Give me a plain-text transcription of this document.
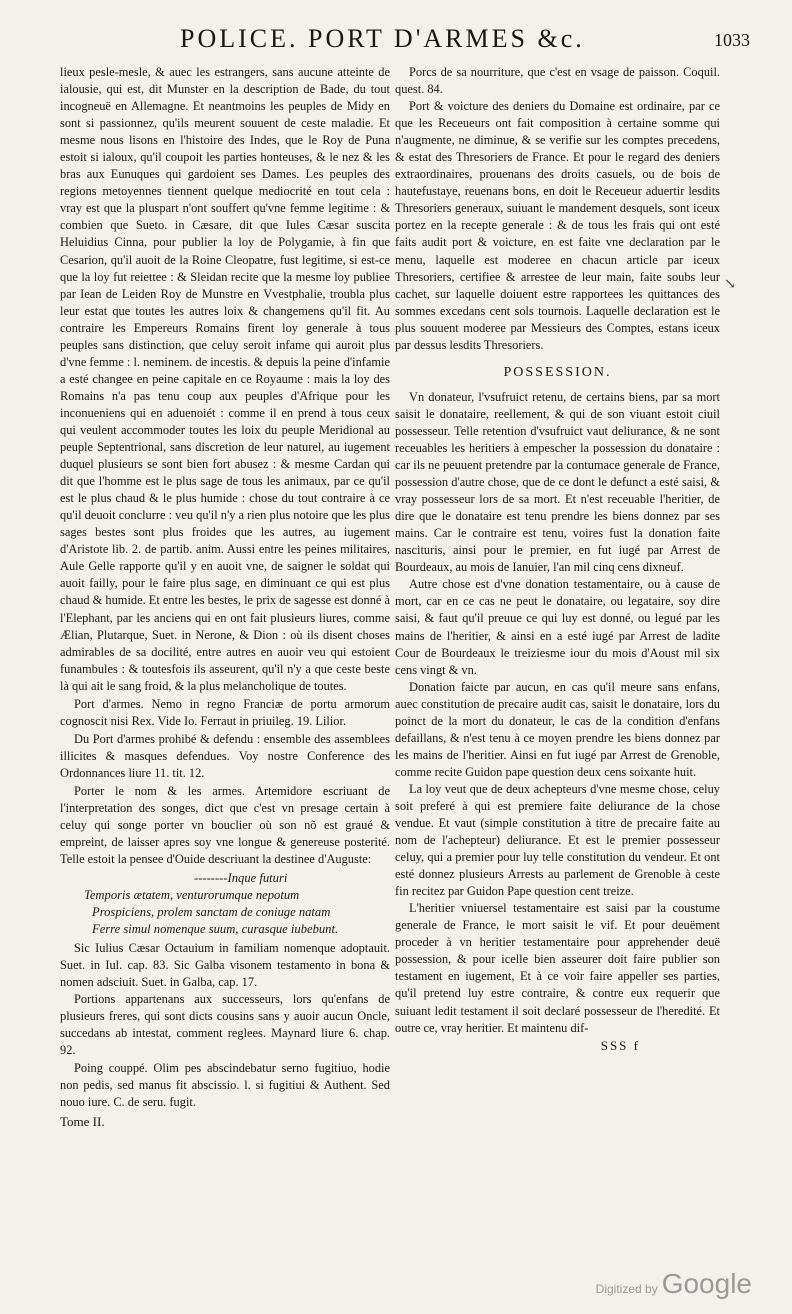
POLICE. PORT D'ARMES &c.	1033

lieux pesle-mesle, & auec les estrangers, sans aucune atteinte de ialousie, qui est, dit Munster en la description de Bade, du tout incogneuë en Allemagne. Et neantmoins les peuples de Midy en sont si passionnez, qu'ils meurent souuent de ceste maladie. Et mesme nous lisons en l'histoire des Indes, que le Roy de Puna estoit si ialoux, qu'il coupoit les parties honteuses, & le nez & les bras aux Eunuques qui gardoient ses Dames. Les peuples des regions metoyennes tiennent quelque mediocrité en tout cela : vray est que la pluspart n'ont souffert qu'vne femme legitime : & combien que Sueto. in Cæsare, dit que Iules Cæsar suscita Heluidius Cinna, pour publier la loy de Polygamie, à fin que Cesarion, qu'il auoit de la Roine Cleopatre, fust legitime, si est-ce que la loy fut reiettee : & Sleidan recite que la mesme loy publiee par Iean de Leiden Roy de Munstre en Vvestphalie, troubla plus leur estat que toutes les autres loix & changemens qu'il fit. Au contraire les Empereurs Romains firent loy generale à tous peuples sans distinction, que celuy seroit infame qui auroit plus d'vne femme : l. neminem. de incestis. & depuis la peine d'infamie a esté changee en peine capitale en ce Royaume : mais la loy des Romains n'a pas tenu coup aux peuples d'Afrique pour les inconueniens qui en aduenoiét : comme il en prend à tous ceux qui veulent accommoder toutes les loix du peuple Meridional au peuple Septentrional, sans discretion de leur naturel, au iugement duquel plusieurs se sont bien fort abusez : & mesme Cardan qui dit que l'homme est le plus sage de tous les animaux, par ce qu'il est le plus chaud & le plus humide : chose du tout contraire à ce qu'il deuoit conclurre : veu qu'il n'y a rien plus notoire que les plus sages bestes sont plus froides que les autres, au iugement d'Aristote lib. 2. de partib. anim. Aussi entre les peines militaires, Aule Gelle rapporte qu'il y en auoit vne, de saigner le soldat qui auoit failly, pour le faire plus sage, en diminuant ce qui est plus chaud & humide. Et entre les bestes, le prix de sagesse est donné à l'Elephant, par les anciens qui en ont fait plusieurs liures, comme Ælian, Plutarque, Suet. in Nerone, & Dion : où ils disent choses admirables de sa docilité, entre autres en auoir veu qui estoient funambules : & toutesfois ils asseurent, qu'il n'y a que ceste beste là qui ait le sang froid, & la plus melancholique de toutes.

Port d'armes. Nemo in regno Franciæ de portu armorum cognoscit nisi Rex. Vide Io. Ferraut in priuileg. 19. Lilior.

Du Port d'armes prohibé & defendu : ensemble des assemblees illicites & masques defendues. Voy nostre Conference des Ordonnances liure 11. tit. 12.

Porter le nom & les armes. Artemidore escriuant de l'interpretation des songes, dict que c'est vn presage certain à celuy qui songe porter vn bouclier où son nõ est graué & empreint, de laisser apres soy vne longue & genereuse posterité. Telle estoit la pensee d'Ouide descriuant la destinee d'Auguste:

--------Inque futuri
Temporis ætatem, venturorumque nepotum
Prospiciens, prolem sanctam de coniuge natam
Ferre simul nomenque suum, curasque iubebunt.

Sic Iulius Cæsar Octauium in familiam nomenque adoptauit. Suet. in Iul. cap. 83. Sic Galba visonem testamento in bona & nomen adsciuit. Suet. in Galba, cap. 17.

Portions appartenans aux successeurs, lors qu'enfans de plusieurs freres, qui sont dicts cousins sans y auoir aucun Oncle, succedans ab intestat, comment reglees. Maynard liure 6. chap. 92.

Poing couppé. Olim pes abscindebatur serno fugitiuo, hodie non pedis, sed manus fit abscissio. l. si fugitiui & Authent. Sed nouo iure. C. de seru. fugit.

Tome II.

Porcs de sa nourriture, que c'est en vsage de paisson. Coquil. quest. 84.

Port & voicture des deniers du Domaine est ordinaire, par ce que les Receueurs ont fait composition à certaine somme qui n'augmente, ne diminue, & se verifie sur les comptes precedens, & estat des Thresoriers de France. Et pour le regard des deniers extraordinaires, prouenans des droits casuels, ou de bois de hautefustaye, reuenans bons, en doit le Receueur aduertir lesdits Thresoriers generaux, suiuant le mandement desquels, sont iceux portez en la recepte generale : & de tous les frais qui ont esté faits audit port & voicture, en est faite vne declaration par le menu, laquelle est moderee en chacun article par iceux Thresoriers, certifiee & arrestee de leur main, faite soubs leur cachet, sur laquelle doiuent estre rapportees les quittances des sommes excedans cent sols tournois. Laquelle declaration est le plus souuent moderee par Messieurs des Comptes, estans iceux par dessus lesdits Thresoriers.

POSSESSION.

Vn donateur, l'vsufruict retenu, de certains biens, par sa mort saisit le donataire, reellement, & qui de son viuant estoit ciuil possesseur. Telle retention d'vsufruict vaut deliurance, & ne sont receuables les heritiers à empescher la possession du donataire : car ils ne peuuent pretendre par la contumace generale de France, possession d'autre chose, que de ce dont le defunct a esté saisi, & vray possesseur lors de sa mort. Et n'est receuable l'heritier, de dire que le donataire est tenu prendre les biens donnez par ses mains. Car le contraire est tenu, voires fust la donation faite nascituris, ainsi pour le premier, en fut iugé par Arrest de Bourdeaux, au mois de Ianuier, l'an mil cinq cens dixneuf.

Autre chose est d'vne donation testamentaire, ou à cause de mort, car en ce cas ne peut le donataire, ou legataire, soy dire saisi, & faut qu'il preuue ce qui luy est donné, ou legué par les mains de l'heritier, & ainsi en a esté iugé par Arrest de ladite Cour de Bourdeaux le treiziesme iour du mois d'Aoust mil six cens vingt & vn.

Donation faicte par aucun, en cas qu'il meure sans enfans, auec constitution de precaire audit cas, saisit le donataire, lors du poinct de la mort du donateur, le cas de la condition d'enfans defaillans, & n'est tenu à ce moyen prendre les biens donnez par les mains de l'heritier. Ainsi en fut iugé par Arrest de Grenoble, comme recite Guidon pape question deux cens soixante huit.

La loy veut que de deux achepteurs d'vne mesme chose, celuy soit preferé à qui est premiere faite deliurance de la chose vendue. Et vaut (simple constitution à titre de precaire faite au nom de l'achepteur) deliurance. Et est le premier possesseur celuy, qui a premier pour luy telle constitution du vendeur. Et ont esté donnez plusieurs Arrests au parlement de Grenoble à ceste fin recitez par Guidon Pape question cent treize.

L'heritier vniuersel testamentaire est saisi par la coustume generale de France, le mort saisit le vif. Et pour deuëment proceder à vn heritier testamentaire pour apprehender deuë possession, & pour icelle bien asseurer doit faire publier son testament en iugement, Et à ce voir faire appeller ses parties, qu'il pretend luy estre contraire, & contre eux requerir que suiuant ledit testament il soit declaré possesseur de l'heredité. Et outre ce, vray heritier. Et maintenu dif-

SSS f
↘
Digitized by Google
